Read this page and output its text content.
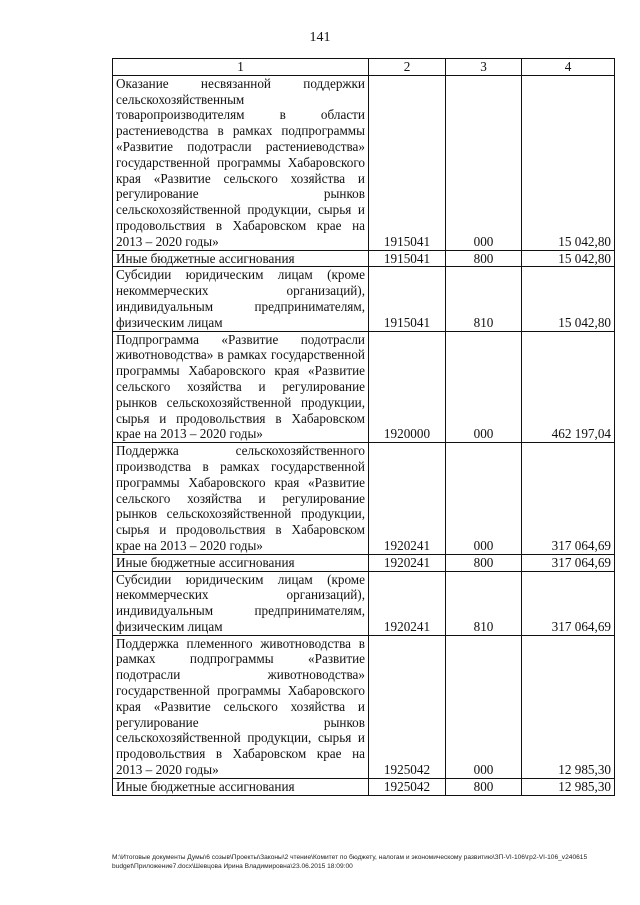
141
1	2	3	4
Оказание несвязанной поддержки сельскохозяйственным товаропроизводителям в области растениеводства в рамках подпрограммы «Развитие подотрасли растениеводства» государственной программы Хабаровского края «Развитие сельского хозяйства и регулирование рынков сельскохозяйственной продукции, сырья и продовольствия в Хабаровском крае на 2013 – 2020 годы»	1915041	000	15 042,80
Иные бюджетные ассигнования	1915041	800	15 042,80
Субсидии юридическим лицам (кроме некоммерческих организаций), индивидуальным предпринимателям, физическим лицам	1915041	810	15 042,80
Подпрограмма «Развитие подотрасли животноводства» в рамках государственной программы Хабаровского края «Развитие сельского хозяйства и регулирование рынков сельскохозяйственной продукции, сырья и продовольствия в Хабаровском крае на 2013 – 2020 годы»	1920000	000	462 197,04
Поддержка сельскохозяйственного производства в рамках государственной программы Хабаровского края «Развитие сельского хозяйства и регулирование рынков сельскохозяйственной продукции, сырья и продовольствия в Хабаровском крае на 2013 – 2020 годы»	1920241	000	317 064,69
Иные бюджетные ассигнования	1920241	800	317 064,69
Субсидии юридическим лицам (кроме некоммерческих организаций), индивидуальным предпринимателям, физическим лицам	1920241	810	317 064,69
Поддержка племенного животноводства в рамках подпрограммы «Развитие подотрасли животноводства» государственной программы Хабаровского края «Развитие сельского хозяйства и регулирование рынков сельскохозяйственной продукции, сырья и продовольствия в Хабаровском крае на 2013 – 2020 годы»	1925042	000	12 985,30
Иные бюджетные ассигнования	1925042	800	12 985,30
M:\Итоговые документы Думы\6 созыв\Проекты\Законы\2 чтение\Комитет по бюджету, налогам и экономическому развитию\ЗП-VI-106\гр2-VI-106_v240615 budget\Приложение7.docx\Шевцова Ирина Владимировна\23.06.2015 18:09:00
